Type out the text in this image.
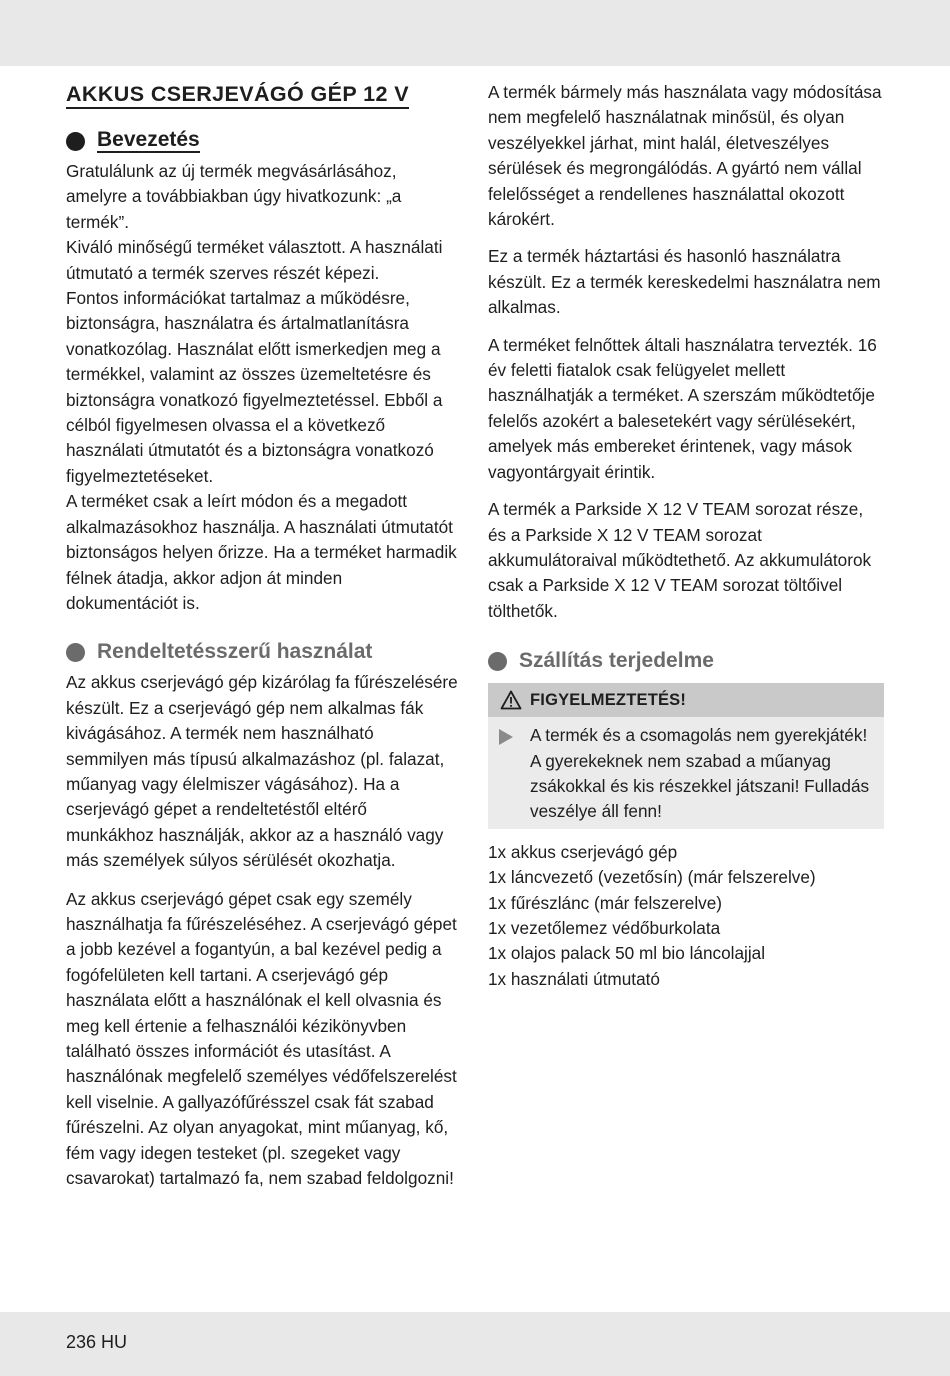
AKKUS CSERJEVÁGÓ GÉP 12 V
Bevezetés

Gratulálunk az új termék megvásárlásához, amelyre a továbbiakban úgy hivatkozunk: „a termék”.
Kiváló minőségű terméket választott. A használati útmutató a termék szerves részét képezi.
Fontos információkat tartalmaz a működésre, biztonságra, használatra és ártalmatlanításra vonatkozólag. Használat előtt ismerkedjen meg a termékkel, valamint az összes üzemeltetésre és biztonságra vonatkozó figyelmeztetéssel. Ebből a célból figyelmesen olvassa el a következő használati útmutatót és a biztonságra vonatkozó figyelmeztetéseket.
A terméket csak a leírt módon és a megadott alkalmazásokhoz használja. A használati útmutatót biztonságos helyen őrizze. Ha a terméket harmadik félnek átadja, akkor adjon át minden dokumentációt is.

Rendeltetésszerű használat

Az akkus cserjevágó gép kizárólag fa fűrészelésére készült. Ez a cserjevágó gép nem alkalmas fák kivágásához. A termék nem használható semmilyen más típusú alkalmazáshoz (pl. falazat, műanyag vagy élelmiszer vágásához). Ha a cserjevágó gépet a rendeltetéstől eltérő munkákhoz használják, akkor az a használó vagy más személyek súlyos sérülését okozhatja.

Az akkus cserjevágó gépet csak egy személy használhatja fa fűrészeléséhez. A cserjevágó gépet a jobb kezével a fogantyún, a bal kezével pedig a fogófelületen kell tartani. A cserjevágó gép használata előtt a használónak el kell olvasnia és meg kell értenie a felhasználói kézikönyvben található összes információt és utasítást. A használónak megfelelő személyes védőfelszerelést kell viselnie. A gallyazófűrésszel csak fát szabad fűrészelni. Az olyan anyagokat, mint műanyag, kő, fém vagy idegen testeket (pl. szegeket vagy csavarokat) tartalmazó fa, nem szabad feldolgozni!

A termék bármely más használata vagy módosítása nem megfelelő használatnak minősül, és olyan veszélyekkel járhat, mint halál, életveszélyes sérülések és megrongálódás. A gyártó nem vállal felelősséget a rendellenes használattal okozott károkért.

Ez a termék háztartási és hasonló használatra készült. Ez a termék kereskedelmi használatra nem alkalmas.

A terméket felnőttek általi használatra tervezték. 16 év feletti fiatalok csak felügyelet mellett használhatják a terméket. A szerszám működtetője felelős azokért a balesetekért vagy sérülésekért, amelyek más embereket érintenek, vagy mások vagyontárgyait érintik.

A termék a Parkside X 12 V TEAM sorozat része, és a Parkside X 12 V TEAM sorozat akkumulátoraival működtethető. Az akkumulátorok csak a Parkside X 12 V TEAM sorozat töltőivel tölthetők.

Szállítás terjedelme
FIGYELMEZTETÉS!

A termék és a csomagolás nem gyerekjáték! A gyerekeknek nem szabad a műanyag zsákokkal és kis részekkel játszani! Fulladás veszélye áll fenn!

1x akkus cserjevágó gép

1x láncvezető (vezetősín) (már felszerelve)

1x fűrészlánc (már felszerelve)

1x vezetőlemez védőburkolata

1x olajos palack 50 ml bio láncolajjal

1x használati útmutató

236 HU
